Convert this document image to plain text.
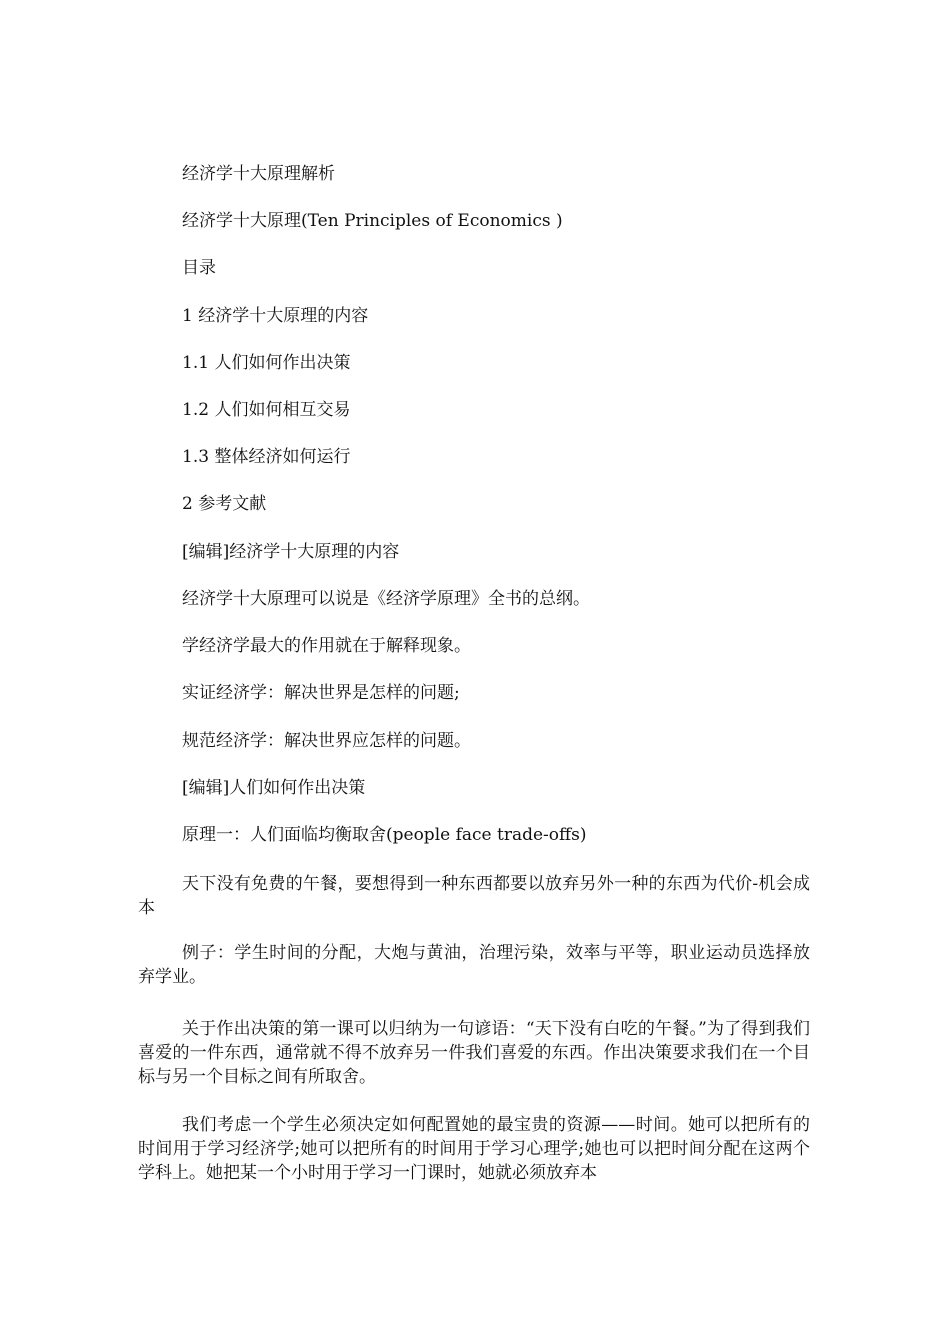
经济学十大原理解析

经济学十大原理(Ten Principles of Economics )

目录

1 经济学十大原理的内容

1.1 人们如何作出决策

1.2 人们如何相互交易

1.3 整体经济如何运行

2 参考文献

[编辑]经济学十大原理的内容

经济学十大原理可以说是《经济学原理》全书的总纲。

学经济学最大的作用就在于解释现象。

实证经济学：解决世界是怎样的问题;

规范经济学：解决世界应怎样的问题。

[编辑]人们如何作出决策

原理一：人们面临均衡取舍(people face trade-offs)

天下没有免费的午餐，要想得到一种东西都要以放弃另外一种的东西为代价-机会成本

例子：学生时间的分配，大炮与黄油，治理污染，效率与平等，职业运动员选择放弃学业。

关于作出决策的第一课可以归纳为一句谚语：“天下没有白吃的午餐。”为了得到我们喜爱的一件东西，通常就不得不放弃另一件我们喜爱的东西。作出决策要求我们在一个目标与另一个目标之间有所取舍。

我们考虑一个学生必须决定如何配置她的最宝贵的资源——时间。她可以把所有的时间用于学习经济学;她可以把所有的时间用于学习心理学;她也可以把时间分配在这两个学科上。她把某一个小时用于学习一门课时，她就必须放弃本
